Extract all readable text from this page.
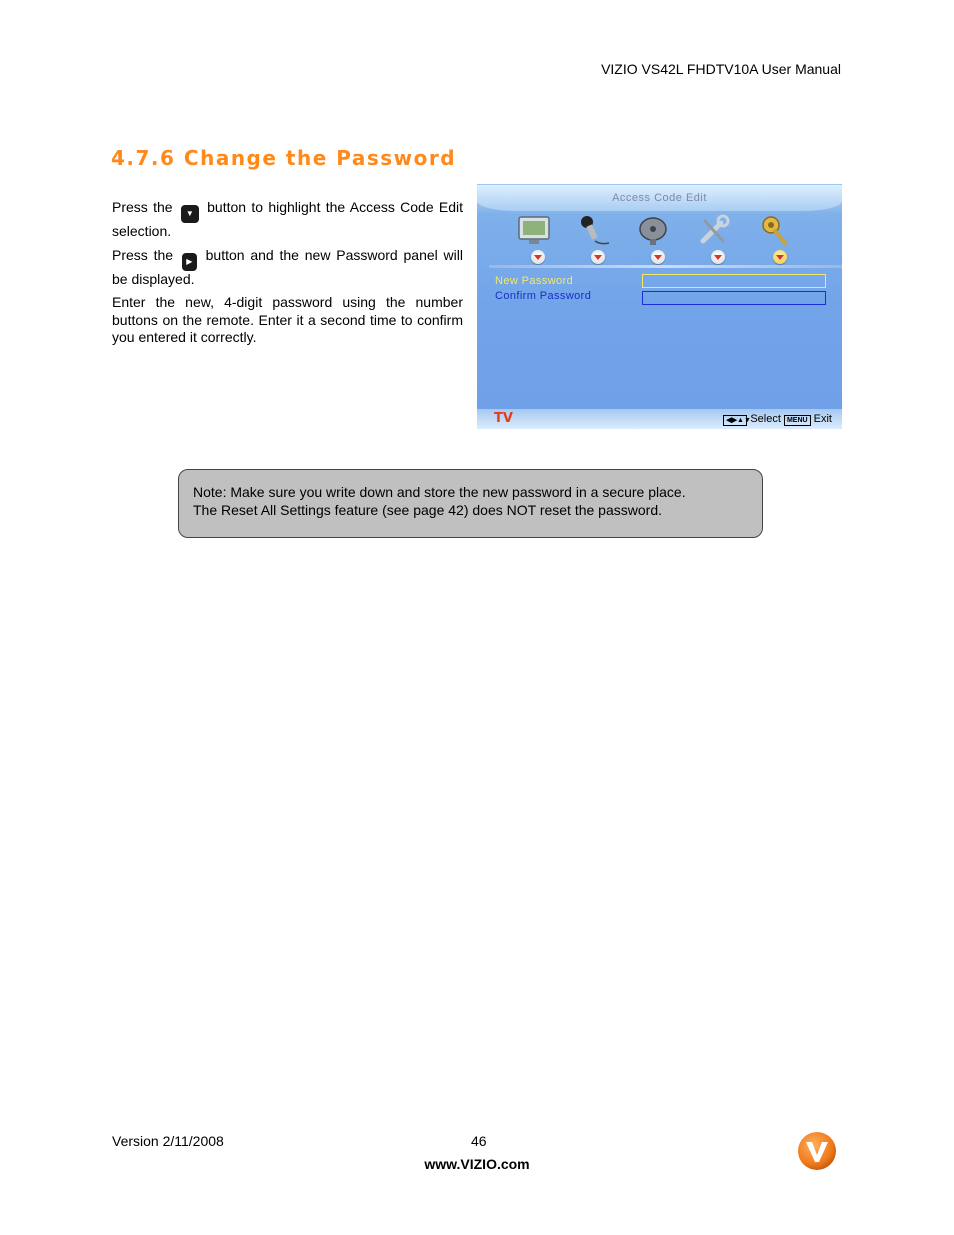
VIZIO VS42L FHDTV10A User Manual
4.7.6 Change the Password

Press the ▼ button to highlight the Access Code Edit selection.

Press the ▶ button and the new Password panel will be displayed.

Enter the new, 4-digit password using the number buttons on the remote. Enter it a second time to confirm you entered it correctly.

Access Code Edit
New Password
Confirm Password
TV	◀▶▲▼ Select MENU Exit

Note: Make sure you write down and store the new password in a secure place.

The Reset All Settings feature (see page 42) does NOT reset the password.

Version 2/11/2008	46
www.VIZIO.com
